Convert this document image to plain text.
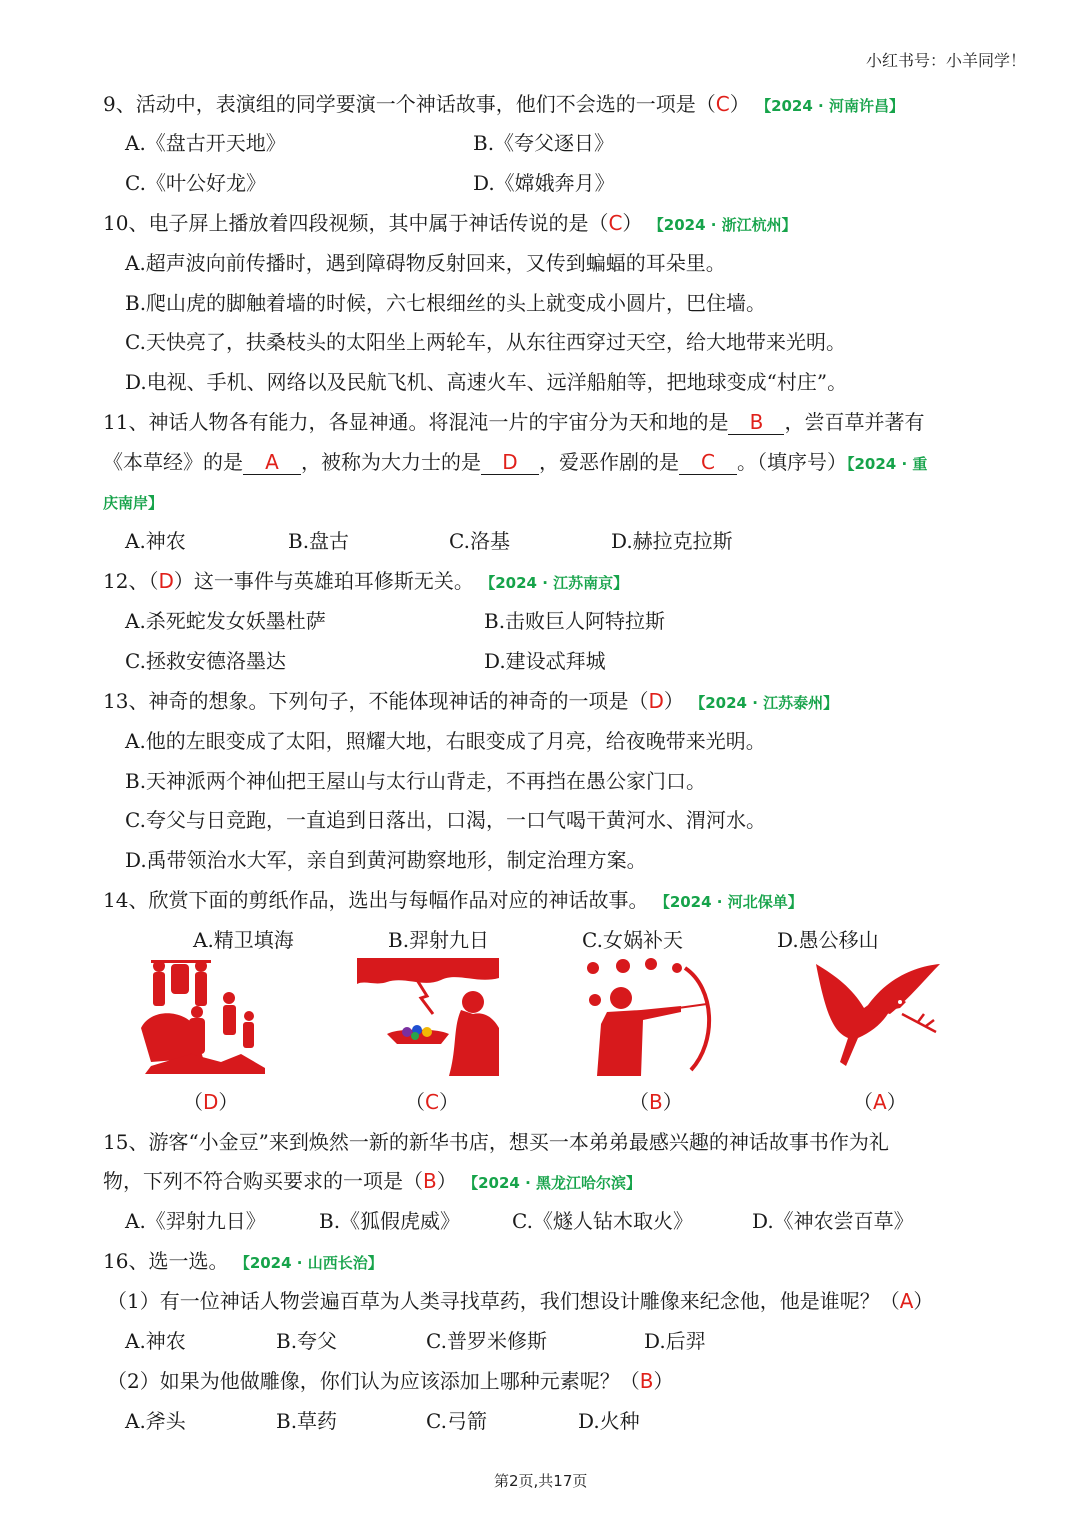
小红书号：小羊同学！
9、活动中，表演组的同学要演一个神话故事，他们不会选的一项是（C） 【2024 · 河南许昌】
A.《盘古开天地》	B.《夸父逐日》
C.《叶公好龙》	D.《嫦娥奔月》
10、电子屏上播放着四段视频，其中属于神话传说的是（C） 【2024 · 浙江杭州】
A.超声波向前传播时，遇到障碍物反射回来，又传到蝙蝠的耳朵里。
B.爬山虎的脚触着墙的时候，六七根细丝的头上就变成小圆片，巴住墙。
C.天快亮了，扶桑枝头的太阳坐上两轮车，从东往西穿过天空，给大地带来光明。
D.电视、手机、网络以及民航飞机、高速火车、远洋船舶等，把地球变成“村庄”。
11、神话人物各有能力，各显神通。将混沌一片的宇宙分为天和地的是 B ，尝百草并著有
《本草经》的是 A ，被称为大力士的是 D ，爱恶作剧的是 C 。（填序号）【2024 · 重
庆南岸】
A.神农	B.盘古	C.洛基	D.赫拉克拉斯
12、（D）这一事件与英雄珀耳修斯无关。 【2024 · 江苏南京】
A.杀死蛇发女妖墨杜萨	B.击败巨人阿特拉斯
C.拯救安德洛墨达	D.建设忒拜城
13、神奇的想象。下列句子，不能体现神话的神奇的一项是（D） 【2024 · 江苏泰州】
A.他的左眼变成了太阳，照耀大地，右眼变成了月亮，给夜晚带来光明。
B.天神派两个神仙把王屋山与太行山背走，不再挡在愚公家门口。
C.夸父与日竞跑，一直追到日落出，口渴，一口气喝干黄河水、渭河水。
D.禹带领治水大军，亲自到黄河勘察地形，制定治理方案。
14、欣赏下面的剪纸作品，选出与每幅作品对应的神话故事。 【2024 · 河北保单】
A.精卫填海	B.羿射九日	C.女娲补天	D.愚公移山
（D）	（C）	（B）	（A）
15、游客“小金豆”来到焕然一新的新华书店，想买一本弟弟最感兴趣的神话故事书作为礼
物，下列不符合购买要求的一项是（B） 【2024 · 黑龙江哈尔滨】
A.《羿射九日》	B.《狐假虎威》	C.《燧人钻木取火》	D.《神农尝百草》
16、选一选。 【2024 · 山西长治】
（1）有一位神话人物尝遍百草为人类寻找草药，我们想设计雕像来纪念他，他是谁呢？（A）
A.神农	B.夸父	C.普罗米修斯	D.后羿
（2）如果为他做雕像，你们认为应该添加上哪种元素呢？（B）
A.斧头	B.草药	C.弓箭	D.火种
第2页,共17页
